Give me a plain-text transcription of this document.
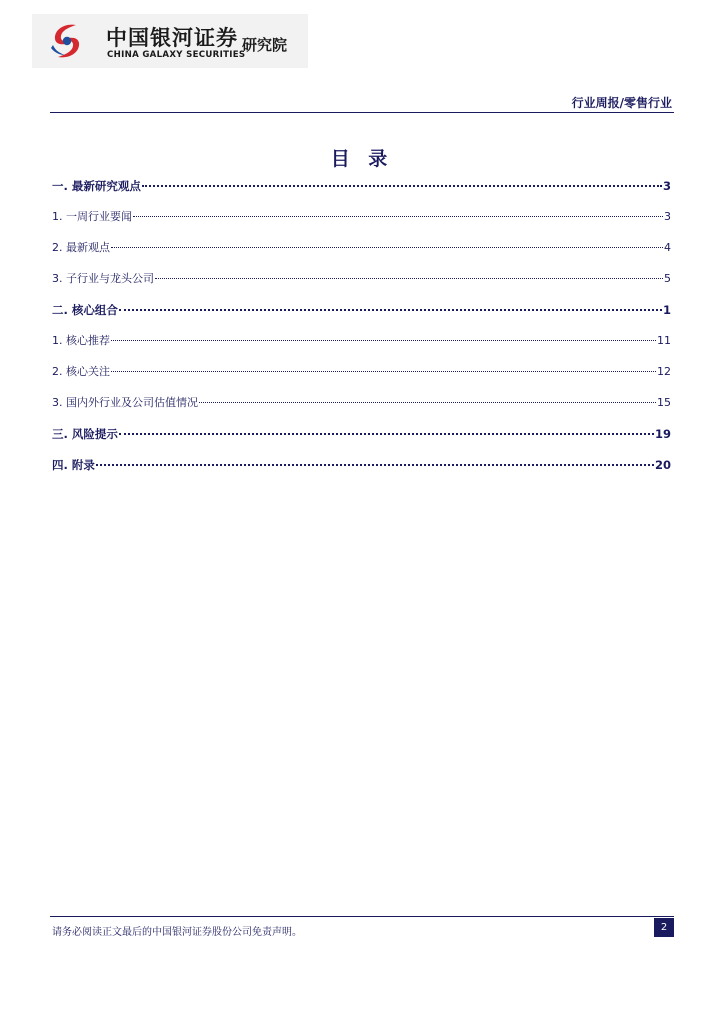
中国银河证券
CHINA GALAXY SECURITIES
研究院
行业周报/零售行业
目 录
一. 最新研究观点	3
1. 一周行业要闻	3
2. 最新观点	4
3. 子行业与龙头公司	5
二. 核心组合	1
1. 核心推荐	11
2. 核心关注	12
3. 国内外行业及公司估值情况	15
三. 风险提示	19
四. 附录	20
请务必阅读正文最后的中国银河证券股份公司免责声明。	2
